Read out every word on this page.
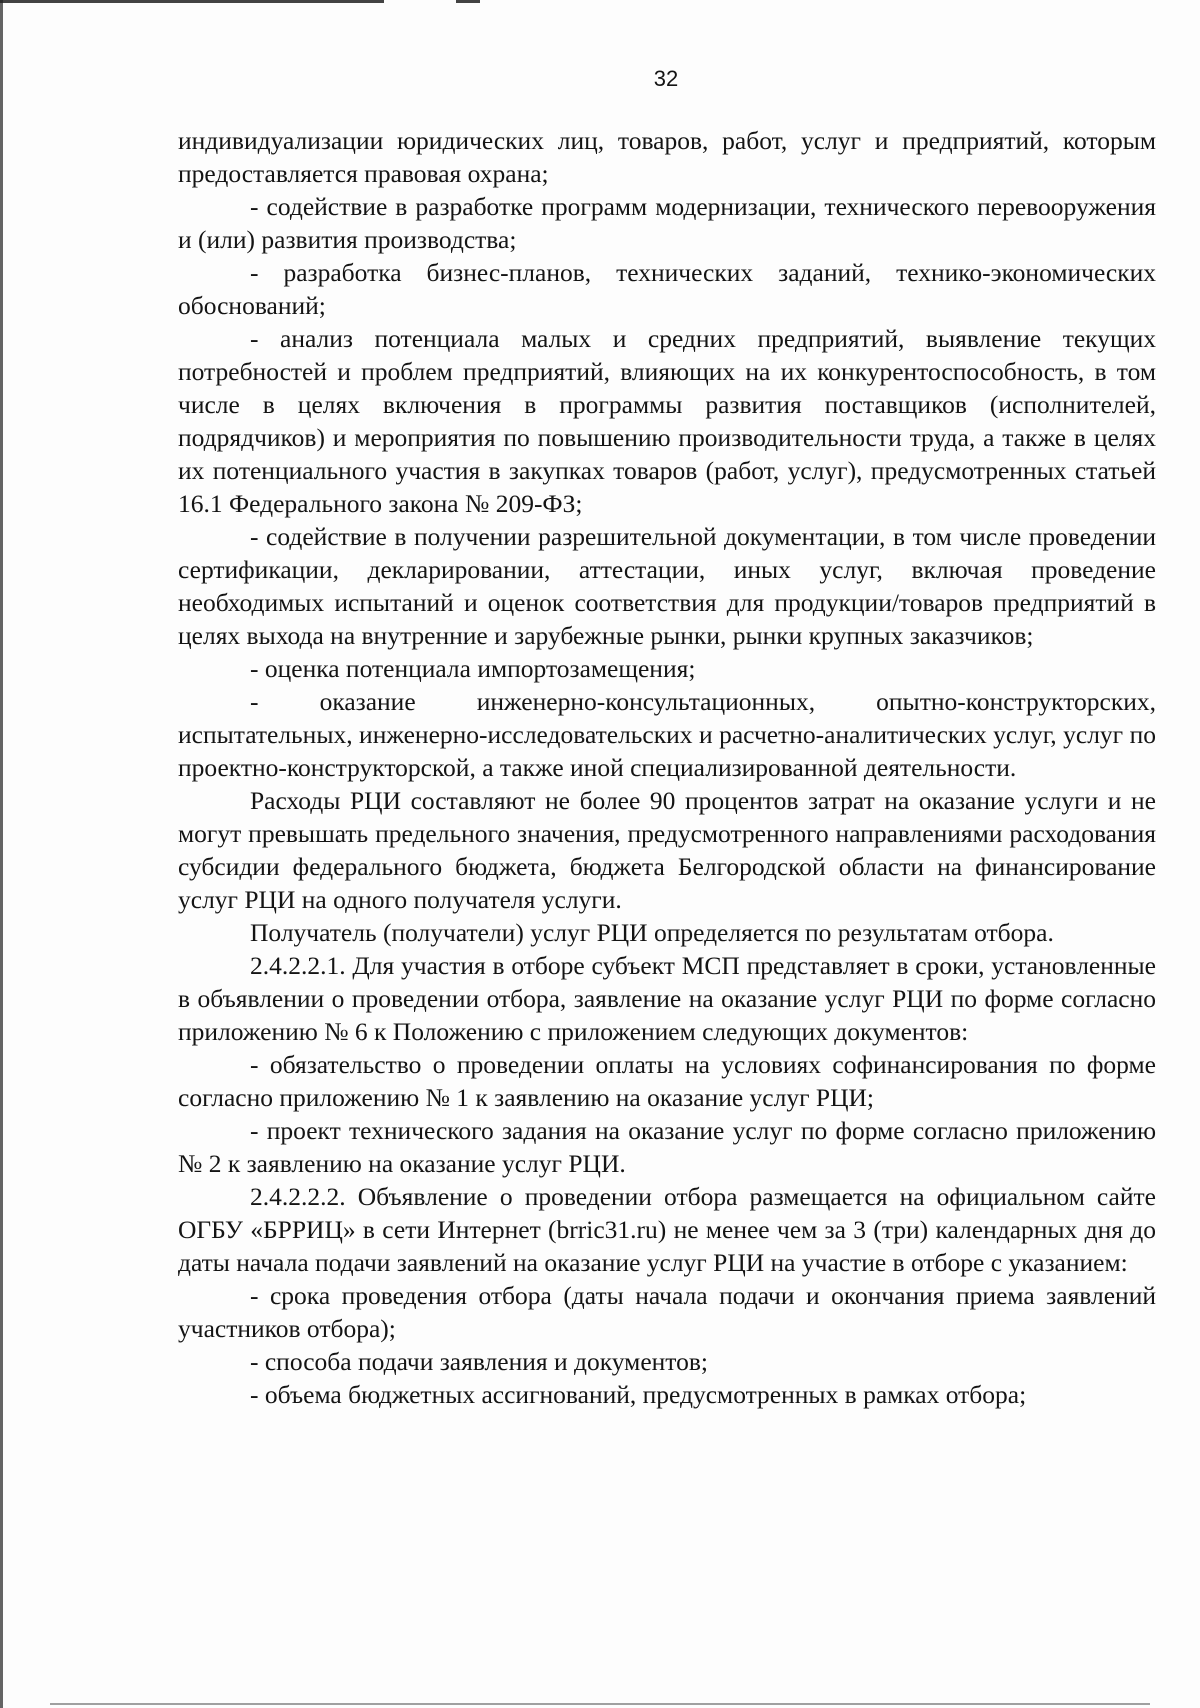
32

индивидуализации юридических лиц, товаров, работ, услуг и предприятий, которым предоставляется правовая охрана;

- содействие в разработке программ модернизации, технического перевооружения и (или) развития производства;

- разработка бизнес-планов, технических заданий, технико-экономических обоснований;

- анализ потенциала малых и средних предприятий, выявление текущих потребностей и проблем предприятий, влияющих на их конкурентоспособность, в том числе в целях включения в программы развития поставщиков (исполнителей, подрядчиков) и мероприятия по повышению производительности труда, а также в целях их потенциального участия в закупках товаров (работ, услуг), предусмотренных статьей 16.1 Федерального закона № 209-ФЗ;

- содействие в получении разрешительной документации, в том числе проведении сертификации, декларировании, аттестации, иных услуг, включая проведение необходимых испытаний и оценок соответствия для продукции/товаров предприятий в целях выхода на внутренние и зарубежные рынки, рынки крупных заказчиков;

- оценка потенциала импортозамещения;

- оказание инженерно-консультационных, опытно-конструкторских, испытательных, инженерно-исследовательских и расчетно-аналитических услуг, услуг по проектно-конструкторской, а также иной специализированной деятельности.

Расходы РЦИ составляют не более 90 процентов затрат на оказание услуги и не могут превышать предельного значения, предусмотренного направлениями расходования субсидии федерального бюджета, бюджета Белгородской области на финансирование услуг РЦИ на одного получателя услуги.

Получатель (получатели) услуг РЦИ определяется по результатам отбора.

2.4.2.2.1. Для участия в отборе субъект МСП представляет в сроки, установленные в объявлении о проведении отбора, заявление на оказание услуг РЦИ по форме согласно приложению № 6 к Положению с приложением следующих документов:

- обязательство о проведении оплаты на условиях софинансирования по форме согласно приложению № 1 к заявлению на оказание услуг РЦИ;

- проект технического задания на оказание услуг по форме согласно приложению № 2 к заявлению на оказание услуг РЦИ.

2.4.2.2.2. Объявление о проведении отбора размещается на официальном сайте ОГБУ «БРРИЦ» в сети Интернет (brric31.ru) не менее чем за 3 (три) календарных дня до даты начала подачи заявлений на оказание услуг РЦИ на участие в отборе с указанием:

- срока проведения отбора (даты начала подачи и окончания приема заявлений участников отбора);

- способа подачи заявления и документов;

- объема бюджетных ассигнований, предусмотренных в рамках отбора;
